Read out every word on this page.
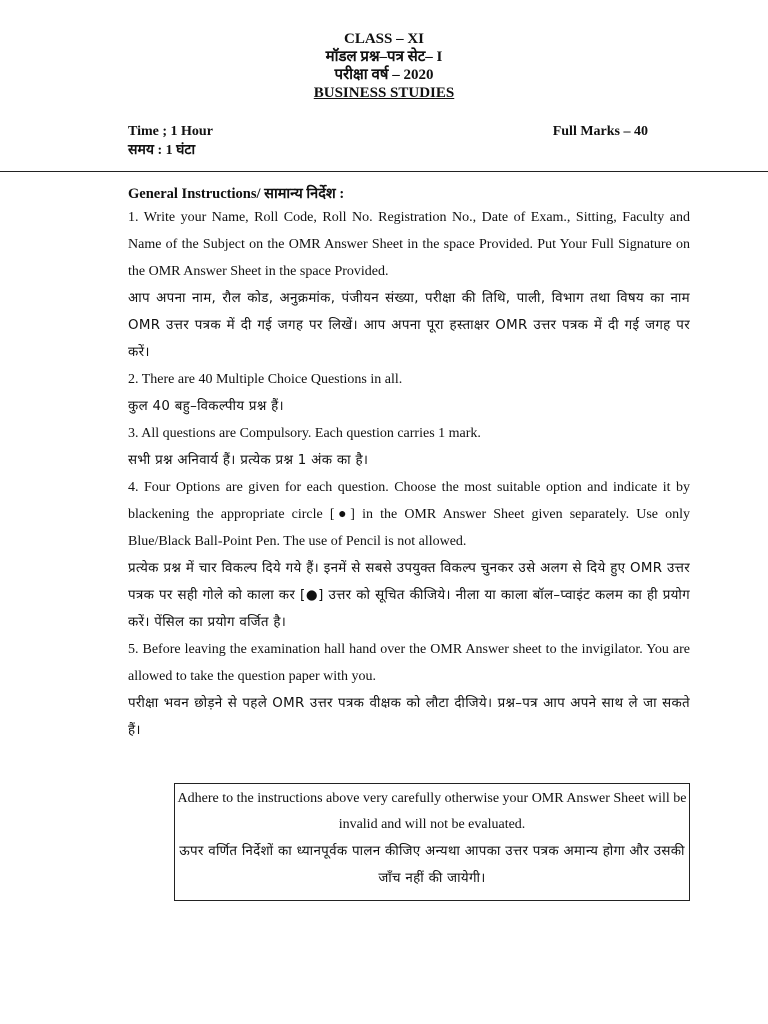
CLASS – XI
मॉडल प्रश्न–पत्र सेट– I
परीक्षा वर्ष – 2020
BUSINESS STUDIES
Time ; 1 Hour
समय : 1 घंटा
Full Marks – 40

General Instructions/ सामान्य निर्देश :

1. Write your Name, Roll Code, Roll No. Registration No., Date of Exam., Sitting, Faculty and Name of the Subject on the OMR Answer Sheet in the space Provided. Put Your Full Signature on the OMR Answer Sheet in the space Provided.

आप अपना नाम, रौल कोड, अनुक्रमांक, पंजीयन संख्या, परीक्षा की तिथि, पाली, विभाग तथा विषय का नाम OMR उत्तर पत्रक में दी गई जगह पर लिखें। आप अपना पूरा हस्ताक्षर OMR उत्तर पत्रक में दी गई जगह पर करें।

2. There are 40 Multiple Choice Questions in all.

कुल 40 बहु–विकल्पीय प्रश्न हैं।

3. All questions are Compulsory. Each question carries 1 mark.

सभी प्रश्न अनिवार्य हैं। प्रत्येक प्रश्न 1 अंक का है।

4. Four Options are given for each question. Choose the most suitable option and indicate it by blackening the appropriate circle [●] in the OMR Answer Sheet given separately. Use only Blue/Black Ball-Point Pen. The use of Pencil is not allowed.

प्रत्येक प्रश्न में चार विकल्प दिये गये हैं। इनमें से सबसे उपयुक्त विकल्प चुनकर उसे अलग से दिये हुए OMR उत्तर पत्रक पर सही गोले को काला कर [●] उत्तर को सूचित कीजिये। नीला या काला बॉल–प्वाइंट कलम का ही प्रयोग करें। पेंसिल का प्रयोग वर्जित है।

5. Before leaving the examination hall hand over the OMR Answer sheet to the invigilator. You are allowed to take the question paper with you.

परीक्षा भवन छोड़ने से पहले OMR उत्तर पत्रक वीक्षक को लौटा दीजिये। प्रश्न–पत्र आप अपने साथ ले जा सकते हैं।

Adhere to the instructions above very carefully otherwise your OMR Answer Sheet will be invalid and will not be evaluated.

ऊपर वर्णित निर्देशों का ध्यानपूर्वक पालन कीजिए अन्यथा आपका उत्तर पत्रक अमान्य होगा और उसकी जाँच नहीं की जायेगी।
